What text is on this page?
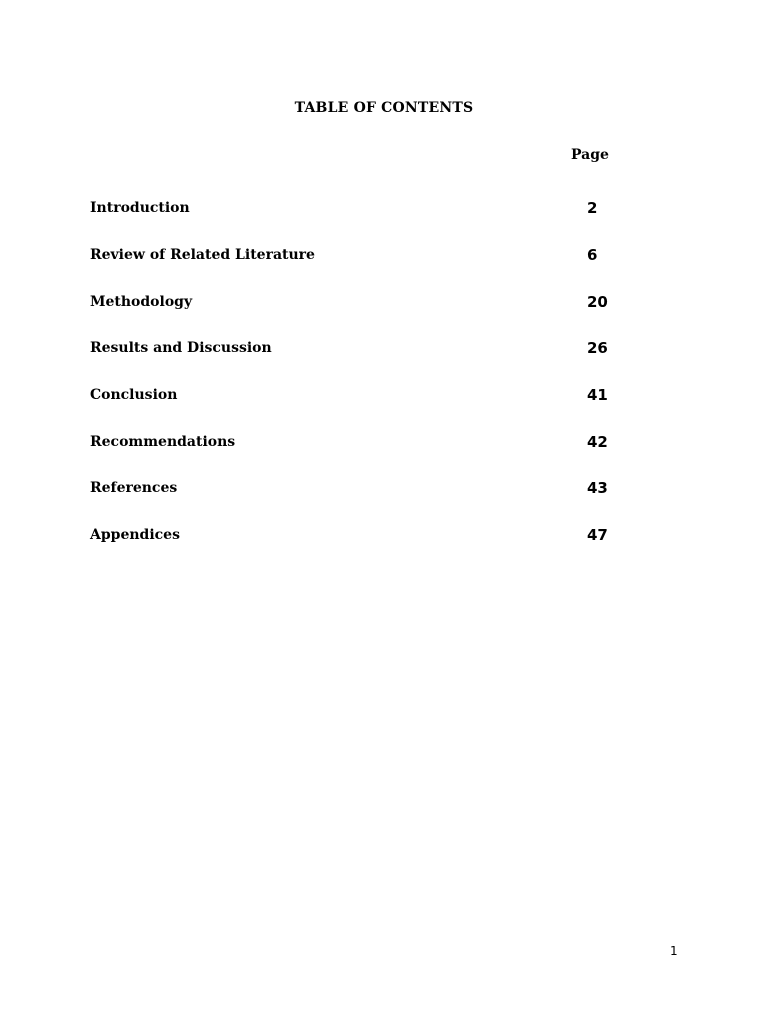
TABLE OF CONTENTS
Page
Introduction	2
Review of Related Literature	6
Methodology	20
Results and Discussion	26
Conclusion	41
Recommendations	42
References	43
Appendices	47
1
